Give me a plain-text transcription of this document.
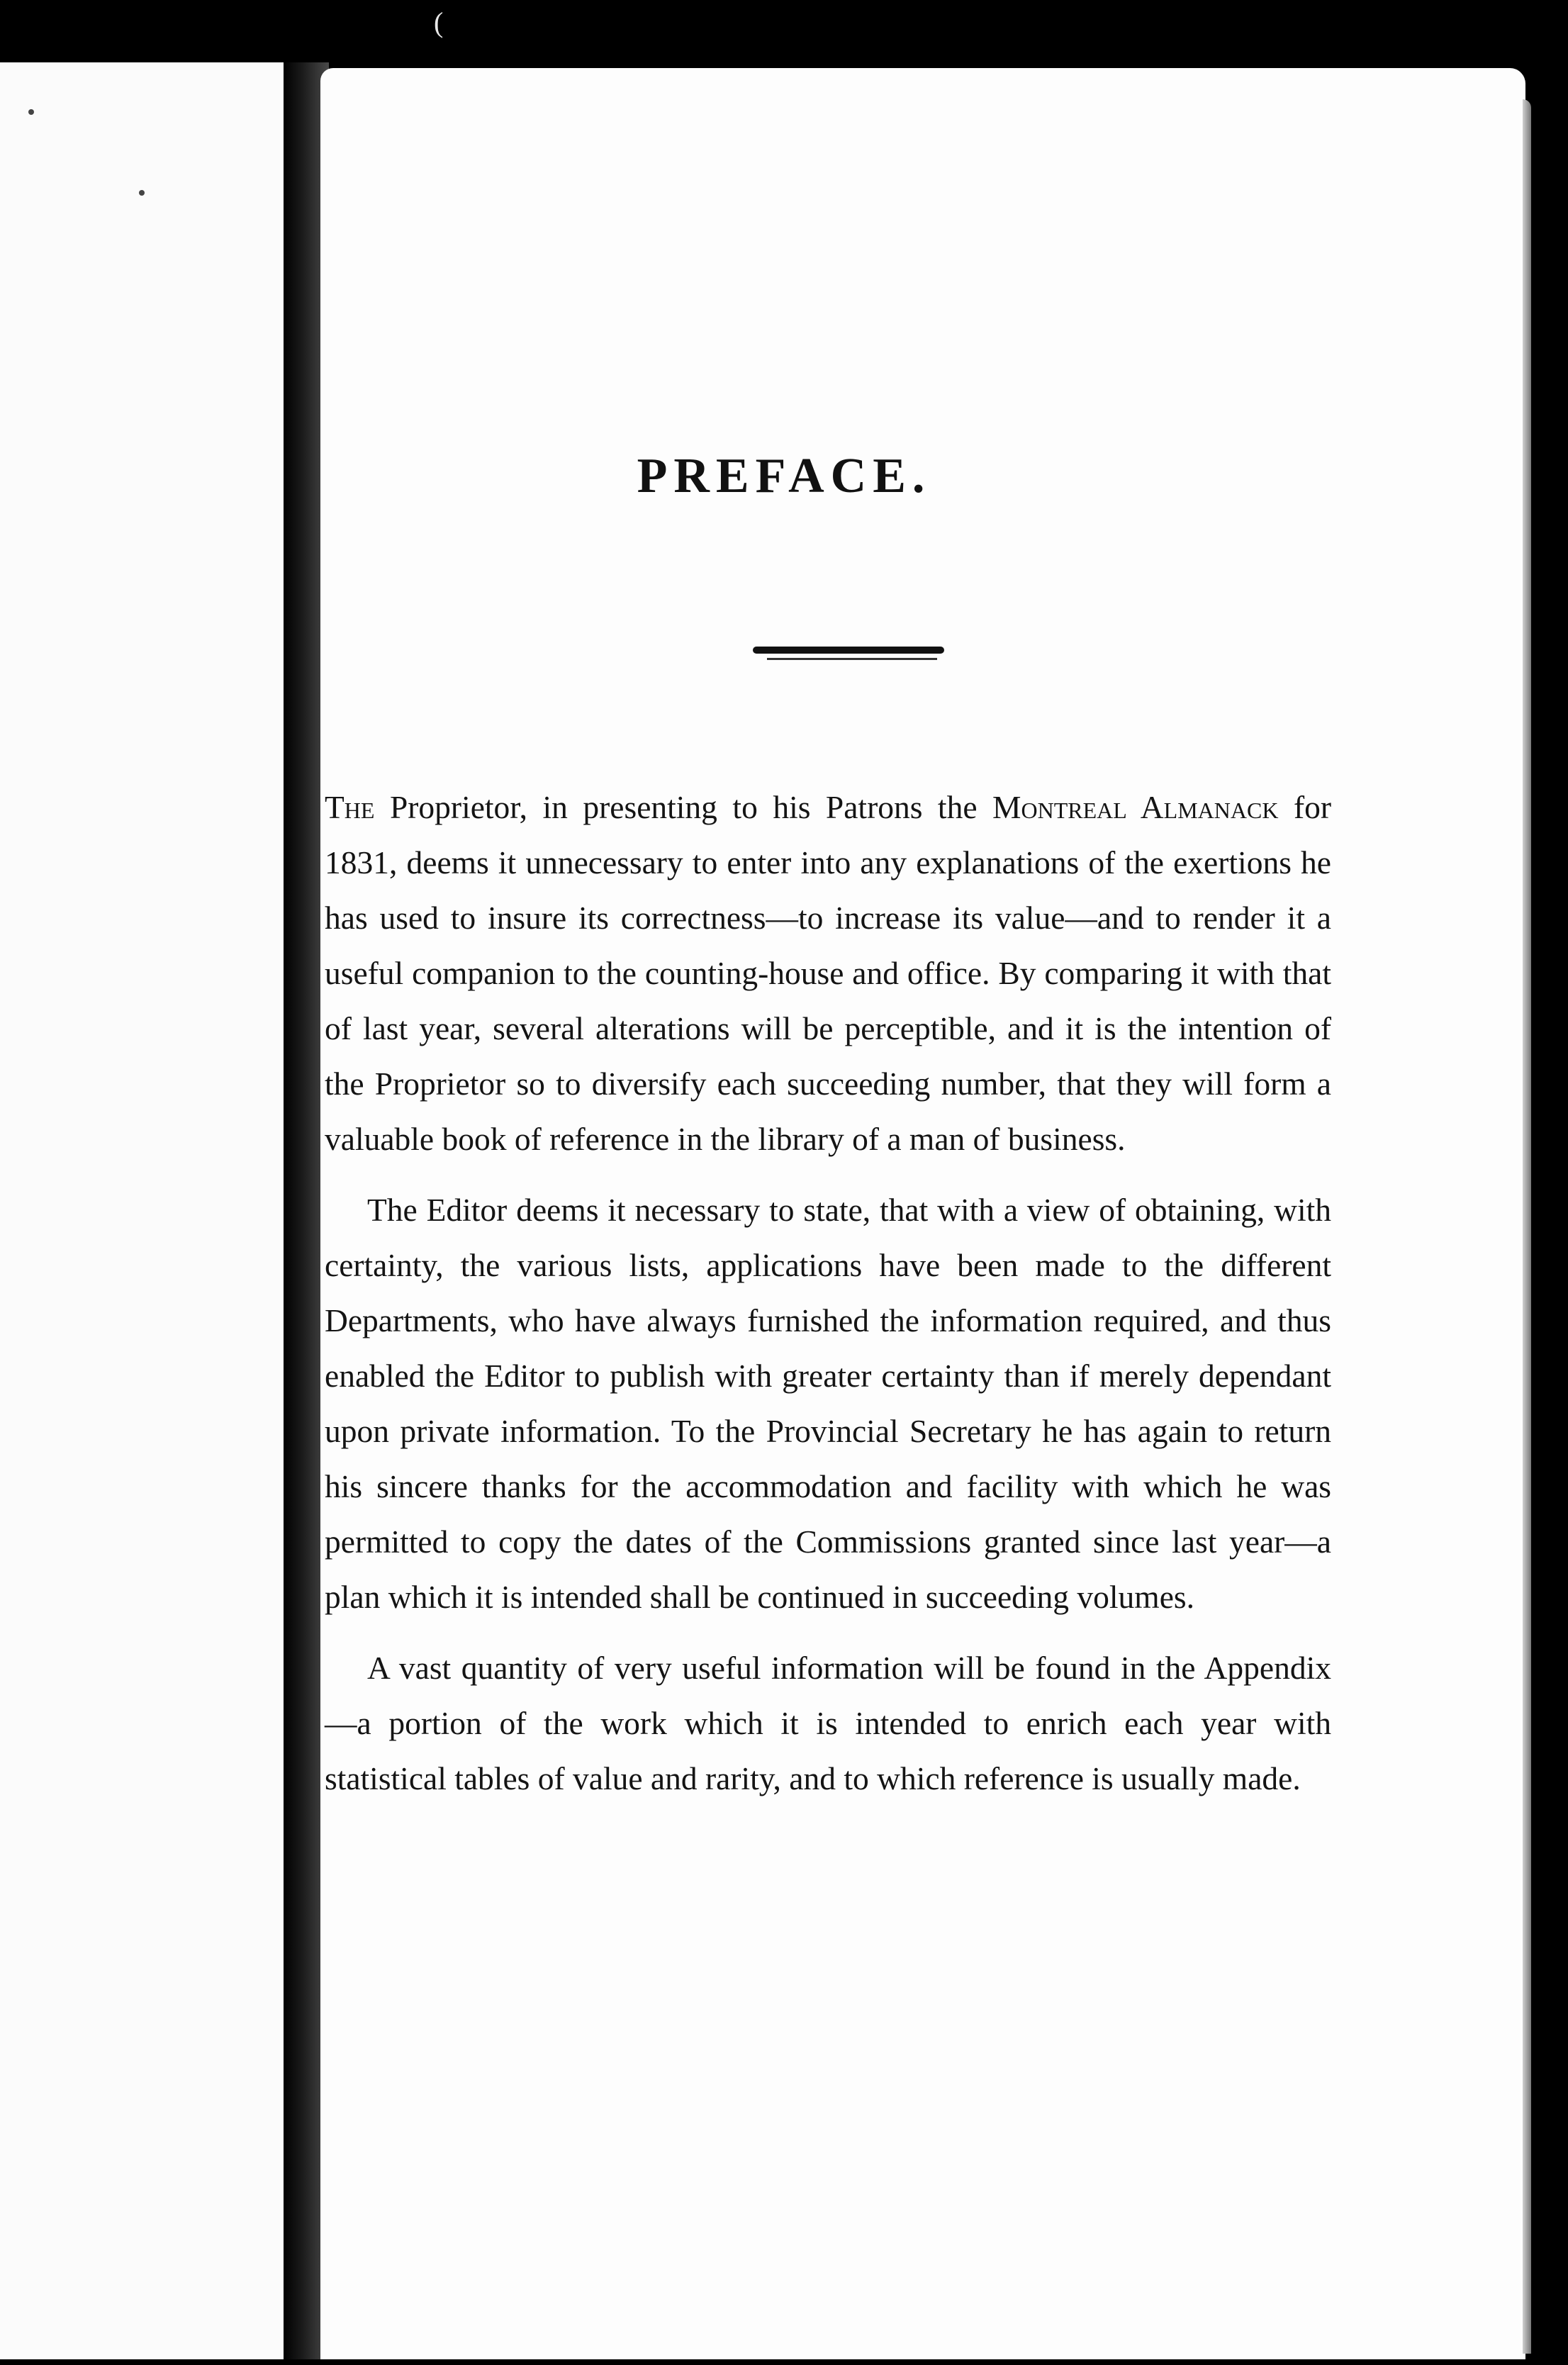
(
PREFACE.

The Proprietor, in presenting to his Patrons the Montreal Almanack for 1831, deems it unnecessary to enter into any explanations of the exertions he has used to insure its correctness—to increase its value—and to render it a useful companion to the counting-house and office. By comparing it with that of last year, several alterations will be perceptible, and it is the intention of the Proprietor so to diversify each succeeding number, that they will form a valuable book of reference in the library of a man of business.

The Editor deems it necessary to state, that with a view of obtaining, with certainty, the various lists, applications have been made to the different Departments, who have always furnished the information required, and thus enabled the Editor to publish with greater certainty than if merely dependant upon private information. To the Provincial Secretary he has again to return his sincere thanks for the accommodation and facility with which he was permitted to copy the dates of the Commissions granted since last year—a plan which it is intended shall be continued in succeeding volumes.

A vast quantity of very useful information will be found in the Appendix—a portion of the work which it is intended to enrich each year with statistical tables of value and rarity, and to which reference is usually made.
